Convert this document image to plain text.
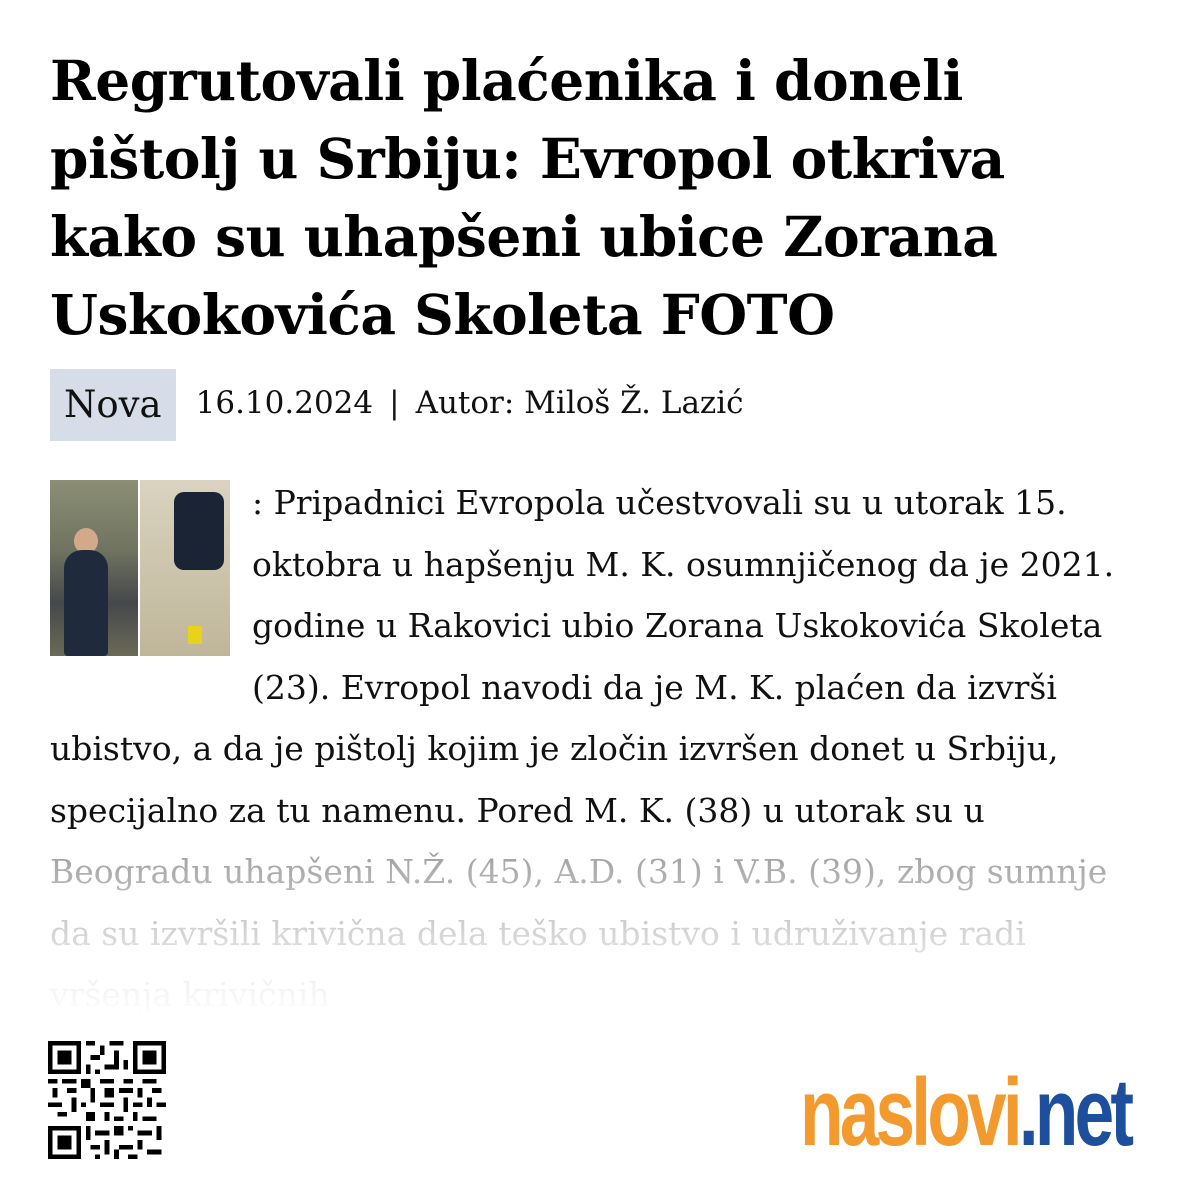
Regrutovali plaćenika i doneli pištolj u Srbiju: Evropol otkriva kako su uhapšeni ubice Zorana Uskokovića Skoleta FOTO
Nova	16.10.2024 | Autor: Miloš Ž. Lazić
: Pripadnici Evropola učestvovali su u utorak 15. oktobra u hapšenju M. K. osumnjičenog da je 2021. godine u Rakovici ubio Zorana Uskokovića Skoleta (23). Evropol navodi da je M. K. plaćen da izvrši ubistvo, a da je pištolj kojim je zločin izvršen donet u Srbiju, specijalno za tu namenu. Pored M. K. (38) u utorak su u
naslovi.net
